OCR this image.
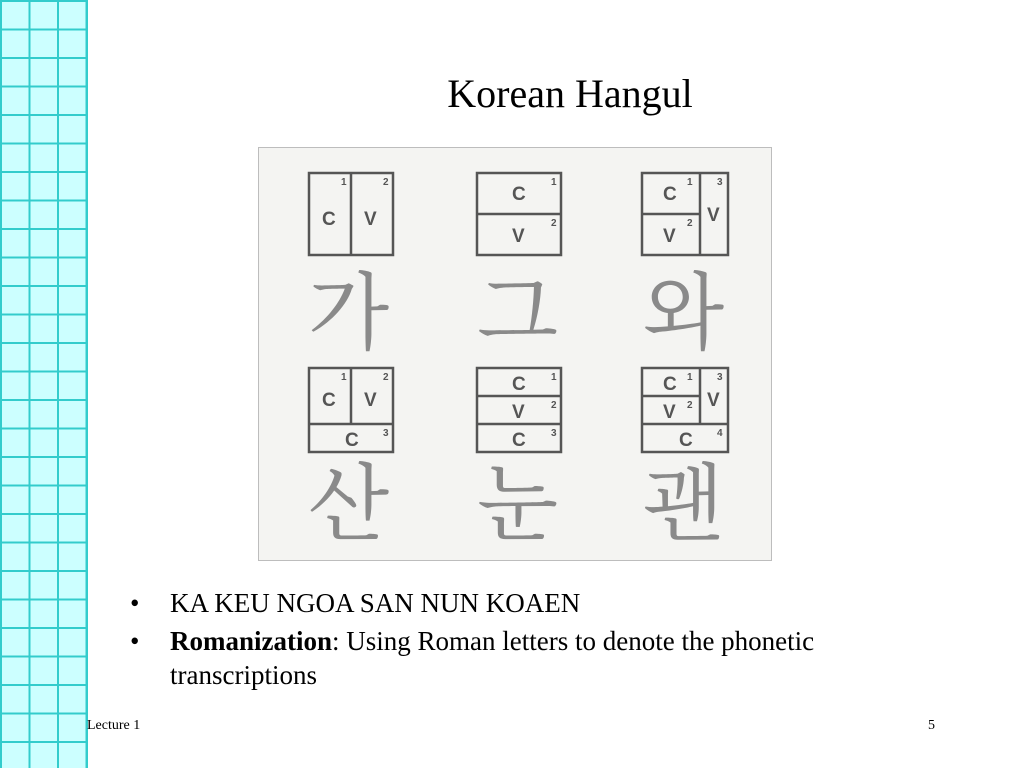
Korean Hangul
1
C
2
V
1
C
2
V
1
C
2
V
3
V
가 그 와
1
C
2
V
3
C
1
C
2
V
3
C
1
C
2
V
3
V
4
C
산 눈 괜
• KA KEU NGOA SAN NUN KOAEN
• Romanization: Using Roman letters to denote the phonetic transcriptions
Lecture 1	5
